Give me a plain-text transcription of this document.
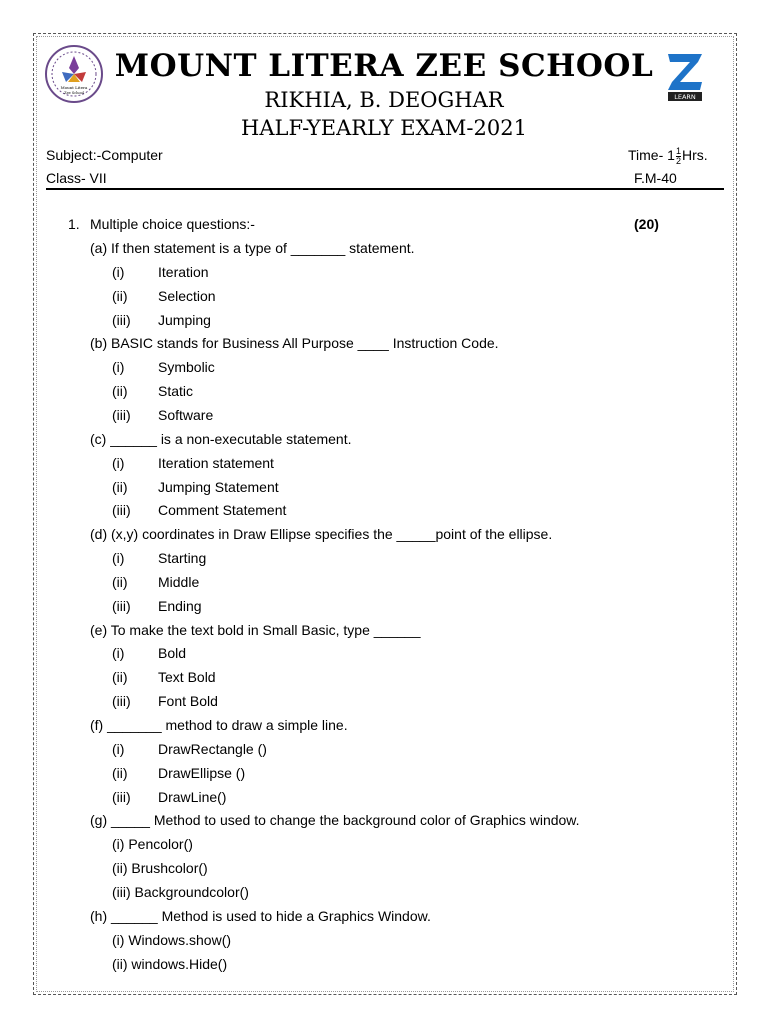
Mount Litera
Zee School	LEARN
MOUNT LITERA ZEE SCHOOL
RIKHIA, B. DEOGHAR
HALF-YEARLY EXAM-2021
Subject:-Computer
Class- VII
Time- $1 \frac{1}{2}$ Hrs.
F.M-40
1. Multiple choice questions:-	(20)
(a) If then statement is a type of _______ statement.
(i) Iteration
(ii) Selection
(iii) Jumping
(b) BASIC stands for Business All Purpose ____ Instruction Code.
(i) Symbolic
(ii) Static
(iii) Software
(c) ______ is a non-executable statement.
(i) Iteration statement
(ii) Jumping Statement
(iii) Comment Statement
(d) (x,y) coordinates in Draw Ellipse specifies the _____point of the ellipse.
(i) Starting
(ii) Middle
(iii) Ending
(e) To make the text bold in Small Basic, type ______
(i) Bold
(ii) Text Bold
(iii) Font Bold
(f) _______ method to draw a simple line.
(i) DrawRectangle ()
(ii) DrawEllipse ()
(iii) DrawLine()
(g) _____ Method to used to change the background color of Graphics window.
(i) Pencolor()
(ii) Brushcolor()
(iii) Backgroundcolor()
(h) ______ Method is used to hide a Graphics Window.
(i) Windows.show()
(ii) windows.Hide()
